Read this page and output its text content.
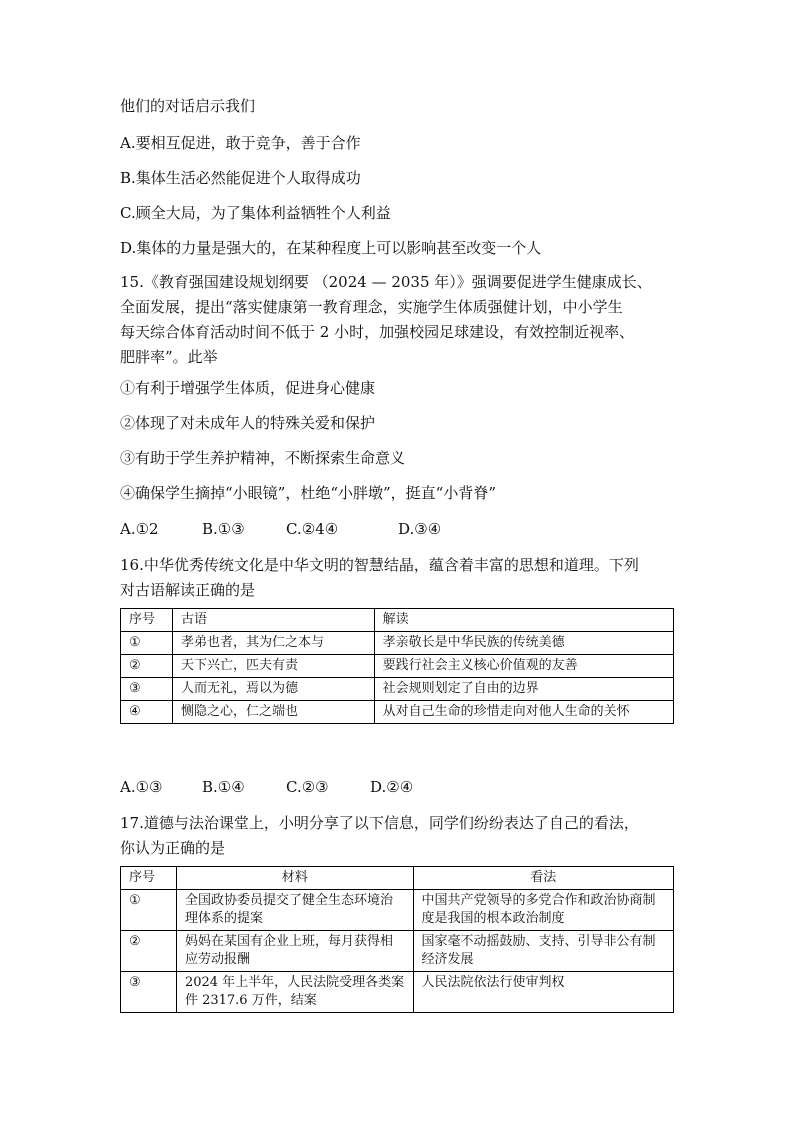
他们的对话启示我们
A.要相互促进，敢于竞争，善于合作
B.集体生活必然能促进个人取得成功
C.顾全大局，为了集体利益牺牲个人利益
D.集体的力量是强大的，在某种程度上可以影响甚至改变一个人
15.《教育强国建设规划纲要 （2024 — 2035 年）》强调要促进学生健康成长、
全面发展，提出“落实健康第一教育理念，实施学生体质强健计划，中小学生
每天综合体育活动时间不低于 2 小时，加强校园足球建设，有效控制近视率、
肥胖率”。此举
①有利于增强学生体质，促进身心健康
②体现了对未成年人的特殊关爱和保护
③有助于学生养护精神，不断探索生命意义
④确保学生摘掉“小眼镜”，杜绝“小胖墩”，挺直“小背脊”
A.①2	B.①③	C.②4④	D.③④
16.中华优秀传统文化是中华文明的智慧结晶，蕴含着丰富的思想和道理。下列
对古语解读正确的是
序号	古语	解读
①	孝弟也者，其为仁之本与	孝亲敬长是中华民族的传统美德
②	天下兴亡，匹夫有责	要践行社会主义核心价值观的友善
③	人而无礼，焉以为德	社会规则划定了自由的边界
④	恻隐之心，仁之端也	从对自己生命的珍惜走向对他人生命的关怀
A.①③	B.①④	C.②③	D.②④
17.道德与法治课堂上，小明分享了以下信息，同学们纷纷表达了自己的看法，
你认为正确的是
序号	材料	看法
①	全国政协委员提交了健全生态环境治理体系的提案	中国共产党领导的多党合作和政治协商制度是我国的根本政治制度
②	妈妈在某国有企业上班，每月获得相应劳动报酬	国家毫不动摇鼓励、支持、引导非公有制经济发展
③	2024 年上半年，人民法院受理各类案件 2317.6 万件，结案	人民法院依法行使审判权
